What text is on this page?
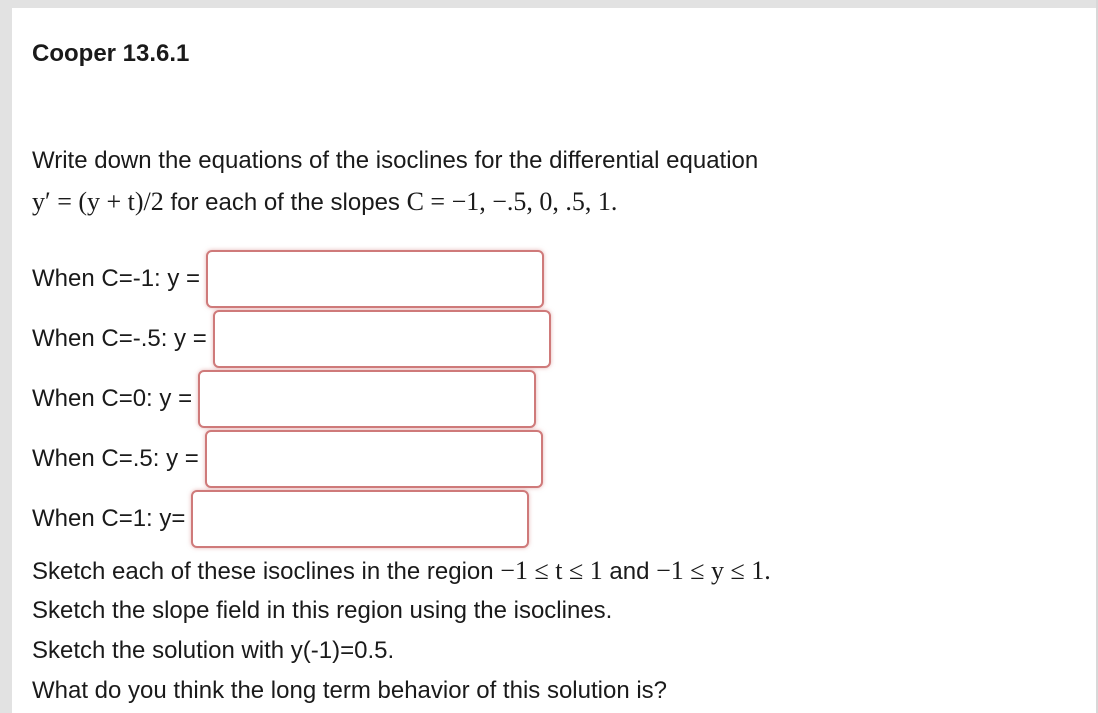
Cooper 13.6.1
Write down the equations of the isoclines for the differential equation
y′ = (y + t)/2 for each of the slopes C = −1, −.5, 0, .5, 1.
When C=-1: y =
When C=-.5: y =
When C=0: y =
When C=.5: y =
When C=1: y=
Sketch each of these isoclines in the region −1 ≤ t ≤ 1 and −1 ≤ y ≤ 1.
Sketch the slope field in this region using the isoclines.
Sketch the solution with y(-1)=0.5.
What do you think the long term behavior of this solution is?
